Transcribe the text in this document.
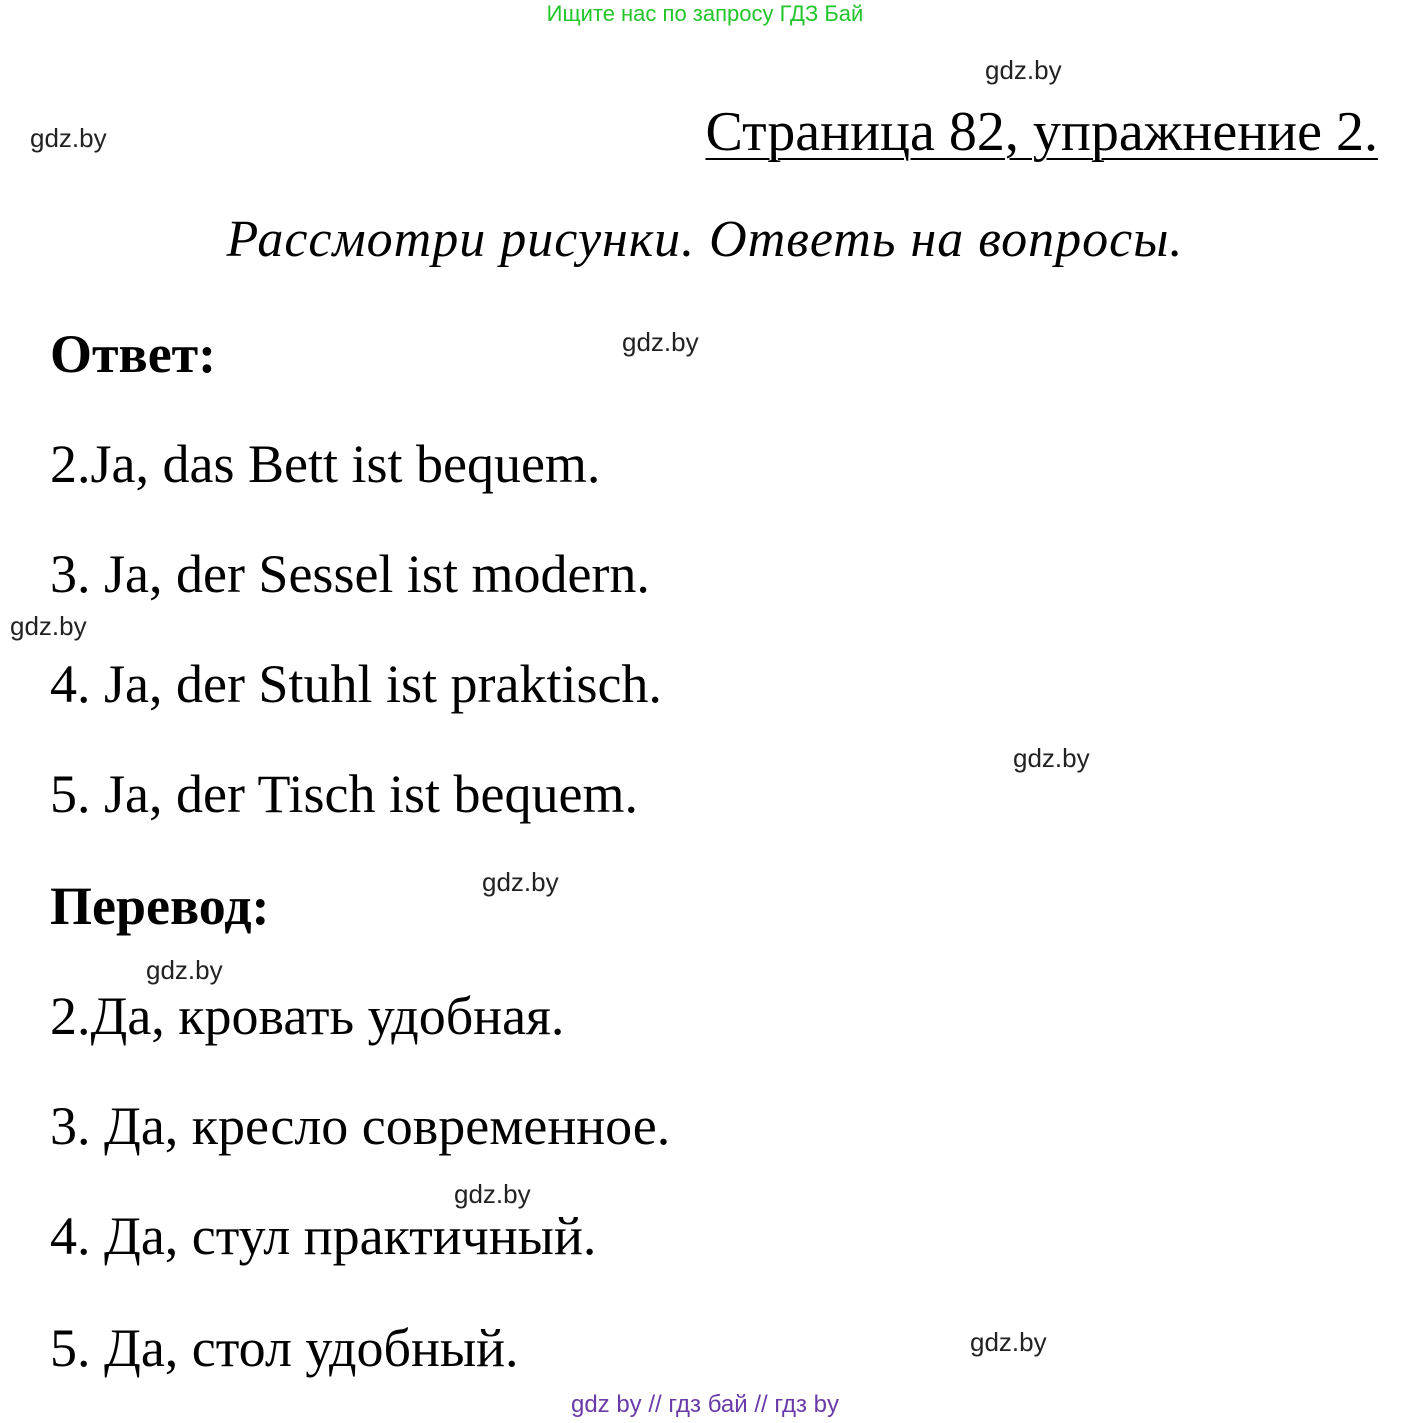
Ищите нас по запросу ГДЗ Бай
gdz.by
gdz.by	Страница 82, упражнение 2.
Рассмотри рисунки. Ответь на вопросы.
Ответ:	gdz.by
2.Ja, das Bett ist bequem.
3. Ja, der Sessel ist modern.
gdz.by
4. Ja, der Stuhl ist praktisch.
gdz.by
5. Ja, der Tisch ist bequem.
Перевод:	gdz.by
gdz.by
2.Да, кровать удобная.
3. Да, кресло современное.
gdz.by
4. Да, стул практичный.
5. Да, стол удобный.	gdz.by
gdz by // гдз бай // гдз by
